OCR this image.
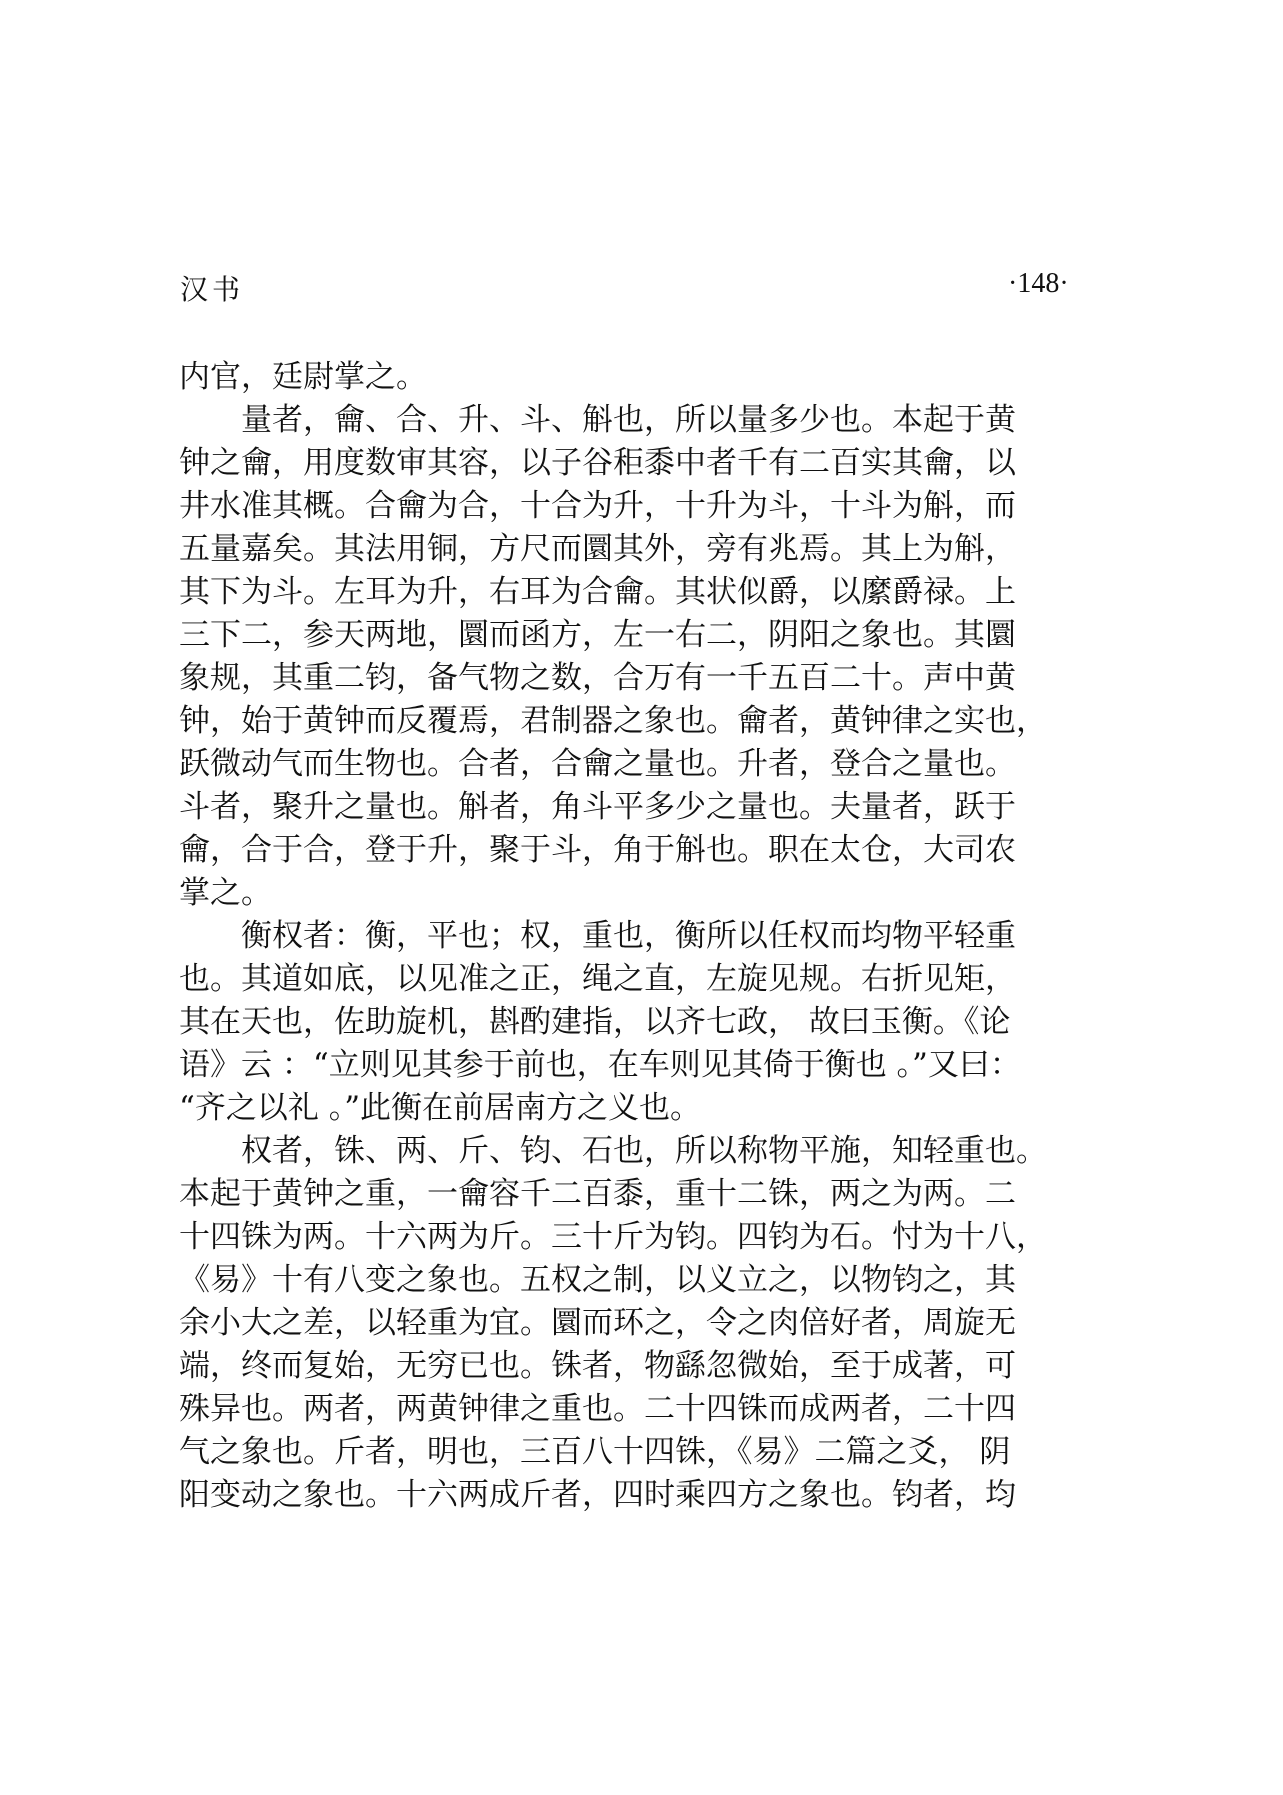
汉书	·148·
内官，廷尉掌之。
量者，龠、合、升、斗、斛也，所以量多少也。本起于黄
钟之龠，用度数审其容，以子谷秬黍中者千有二百实其龠，以
井水准其概。合龠为合，十合为升，十升为斗，十斗为斛，而
五量嘉矣。其法用铜，方尺而圜其外，旁有兆焉。其上为斛，
其下为斗。左耳为升，右耳为合龠。其状似爵，以縻爵禄。上
三下二，参天两地，圜而函方，左一右二，阴阳之象也。其圜
象规，其重二钧，备气物之数，合万有一千五百二十。声中黄
钟，始于黄钟而反覆焉，君制器之象也。龠者，黄钟律之实也，
跃微动气而生物也。合者，合龠之量也。升者，登合之量也。
斗者，聚升之量也。斛者，角斗平多少之量也。夫量者，跃于
龠，合于合，登于升，聚于斗，角于斛也。职在太仓，大司农
掌之。
衡权者：衡，平也；权，重也，衡所以任权而均物平轻重
也。其道如底，以见准之正，绳之直，左旋见规。右折见矩，
其在天也，佐助旋机，斟酌建指，以齐七政， 故曰玉衡。《论
语》云 ：“立则见其参于前也，在车则见其倚于衡也 。”又曰：
“齐之以礼 。”此衡在前居南方之义也。
权者，铢、两、斤、钧、石也，所以称物平施，知轻重也。
本起于黄钟之重，一龠容千二百黍，重十二铢，两之为两。二
十四铢为两。十六两为斤。三十斤为钧。四钧为石。忖为十八，
《易》十有八变之象也。五权之制，以义立之，以物钧之，其
余小大之差，以轻重为宜。圜而环之，令之肉倍好者，周旋无
端，终而复始，无穷已也。铢者，物繇忽微始，至于成著，可
殊异也。两者，两黄钟律之重也。二十四铢而成两者，二十四
气之象也。斤者，明也，三百八十四铢，《易》二篇之爻， 阴
阳变动之象也。十六两成斤者，四时乘四方之象也。钧者，均
